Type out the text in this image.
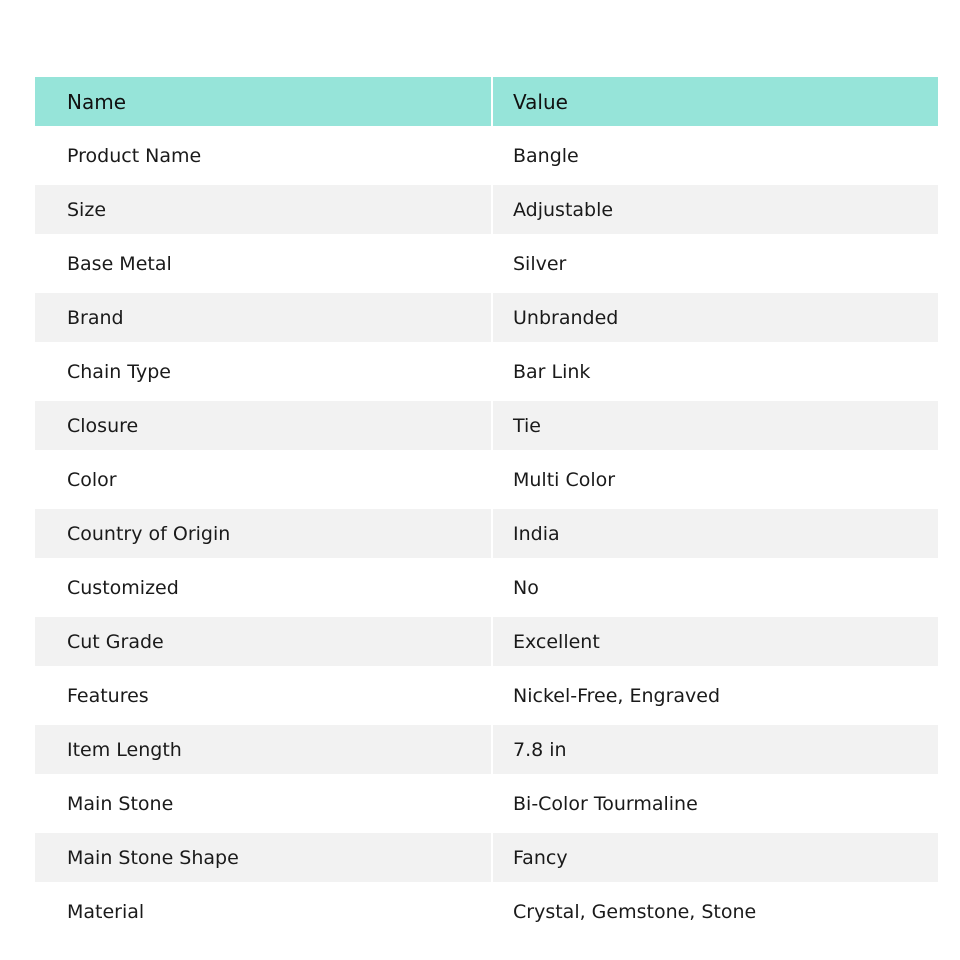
Name	Value
Product Name	Bangle
Size	Adjustable
Base Metal	Silver
Brand	Unbranded
Chain Type	Bar Link
Closure	Tie
Color	Multi Color
Country of Origin	India
Customized	No
Cut Grade	Excellent
Features	Nickel-Free, Engraved
Item Length	7.8 in
Main Stone	Bi-Color Tourmaline
Main Stone Shape	Fancy
Material	Crystal, Gemstone, Stone
